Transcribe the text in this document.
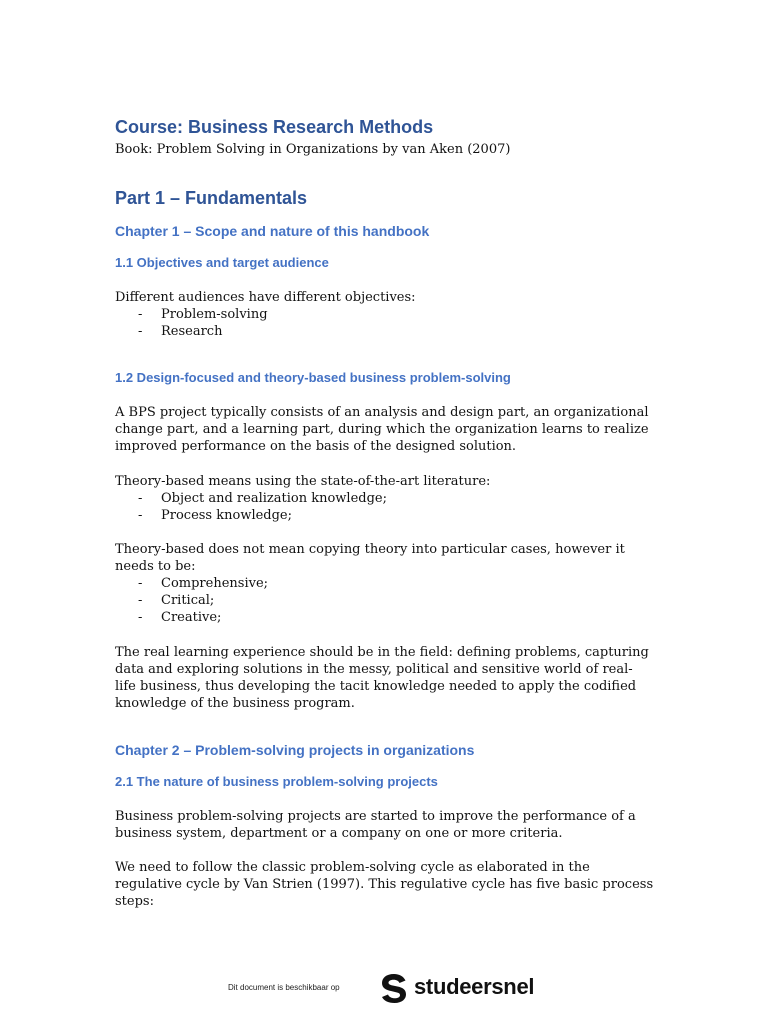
Course: Business Research Methods
Book: Problem Solving in Organizations by van Aken (2007)
Part 1 – Fundamentals
Chapter 1 – Scope and nature of this handbook
1.1 Objectives and target audience
Different audiences have different objectives:
- Problem-solving
- Research
1.2 Design-focused and theory-based business problem-solving
A BPS project typically consists of an analysis and design part, an organizational
change part, and a learning part, during which the organization learns to realize
improved performance on the basis of the designed solution.
Theory-based means using the state-of-the-art literature:
- Object and realization knowledge;
- Process knowledge;
Theory-based does not mean copying theory into particular cases, however it
needs to be:
- Comprehensive;
- Critical;
- Creative;
The real learning experience should be in the field: defining problems, capturing
data and exploring solutions in the messy, political and sensitive world of real-
life business, thus developing the tacit knowledge needed to apply the codified
knowledge of the business program.
Chapter 2 – Problem-solving projects in organizations
2.1 The nature of business problem-solving projects
Business problem-solving projects are started to improve the performance of a
business system, department or a company on one or more criteria.
We need to follow the classic problem-solving cycle as elaborated in the
regulative cycle by Van Strien (1997). This regulative cycle has five basic process
steps:
Dit document is beschikbaar op	studeersnel
